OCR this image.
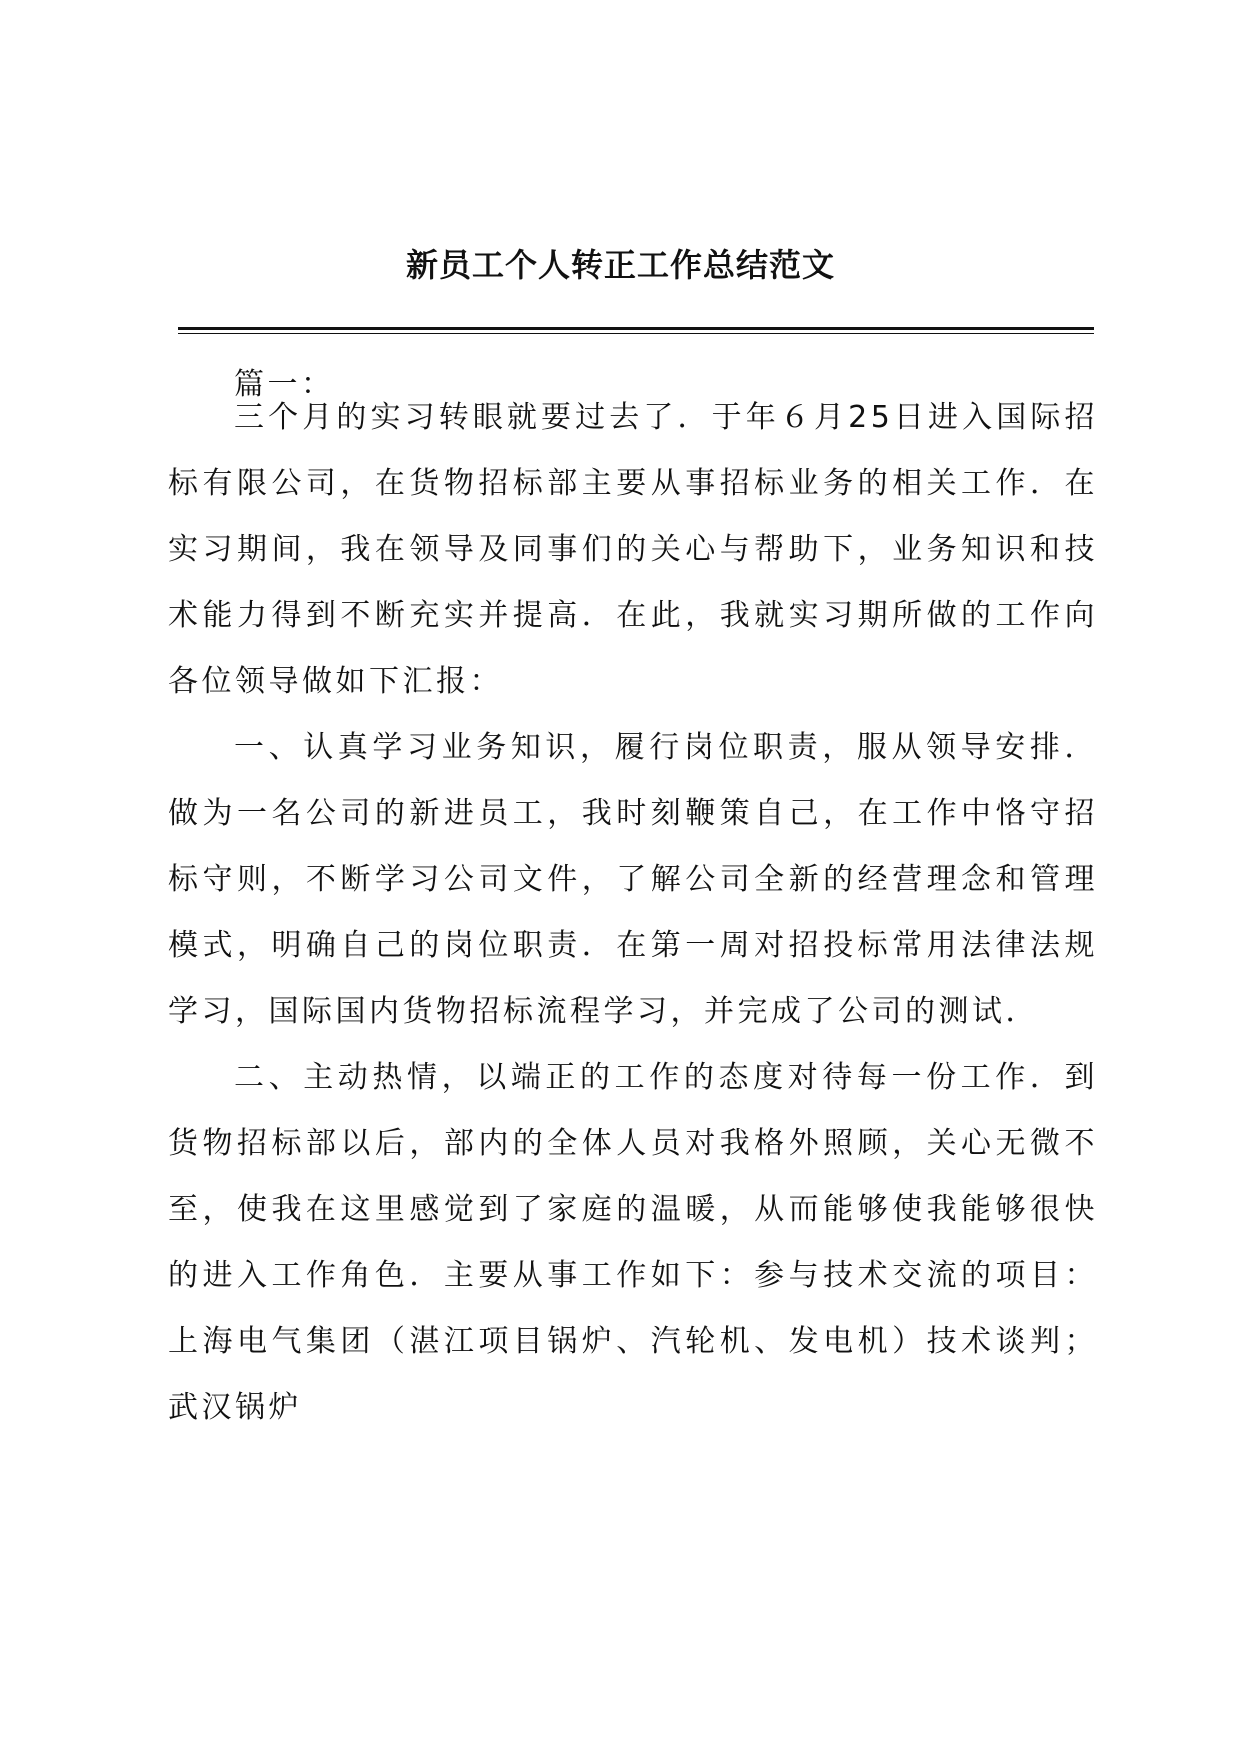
新员工个人转正工作总结范文
篇一：

三个月的实习转眼就要过去了．于年６月25日进入国际招标有限公司，在货物招标部主要从事招标业务的相关工作．在实习期间，我在领导及同事们的关心与帮助下，业务知识和技术能力得到不断充实并提高．在此，我就实习期所做的工作向各位领导做如下汇报：

一、认真学习业务知识，履行岗位职责，服从领导安排．做为一名公司的新进员工，我时刻鞭策自己，在工作中恪守招标守则，不断学习公司文件，了解公司全新的经营理念和管理模式，明确自己的岗位职责．在第一周对招投标常用法律法规学习，国际国内货物招标流程学习，并完成了公司的测试．

二、主动热情，以端正的工作的态度对待每一份工作．到货物招标部以后，部内的全体人员对我格外照顾，关心无微不至，使我在这里感觉到了家庭的温暖，从而能够使我能够很快的进入工作角色．主要从事工作如下：参与技术交流的项目：上海电气集团（湛江项目锅炉、汽轮机、发电机）技术谈判；武汉锅炉
